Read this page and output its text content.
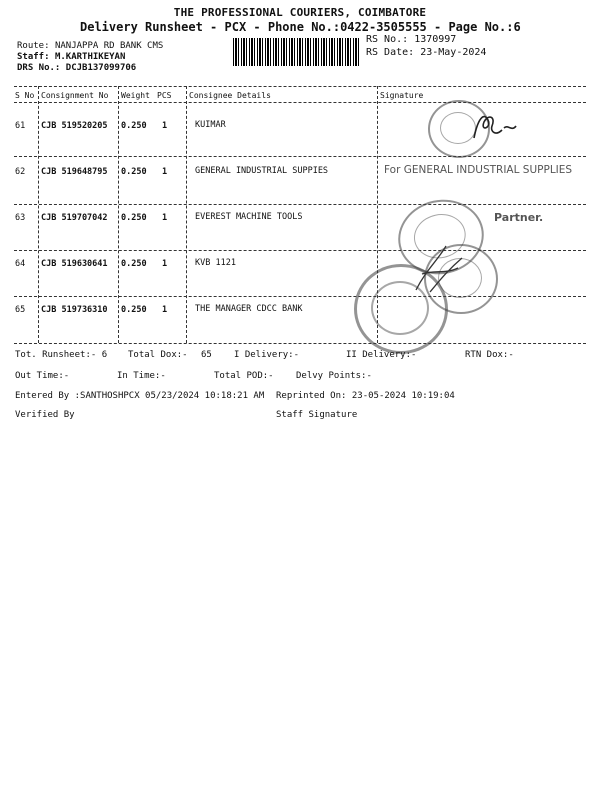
THE PROFESSIONAL COURIERS, COIMBATORE
Delivery Runsheet - PCX - Phone No.:0422-3505555 - Page No.:6
Route: NANJAPPA RD BANK CMS
Staff: M.KARTHIKEYAN
DRS No.: DCJB137099706
RS No.: 1370997
RS Date: 23-May-2024
S No Consignment No Weight PCS Consignee Details	Signature
61 CJB 519520205 0.250 1	KUIMAR
62 CJB 519648795 0.250 1	GENERAL INDUSTRIAL SUPPIES
63 CJB 519707042 0.250 1	EVEREST MACHINE TOOLS
64 CJB 519630641 0.250 1	KVB 1121
65 CJB 519736310 0.250 1	THE MANAGER CDCC BANK
For GENERAL INDUSTRIAL SUPPLIES
Partner.
Tot. Runsheet:- 6 Total Dox:- 65 I Delivery:-	II Delivery:-	RTN Dox:-
Out Time:-	In Time:-	Total POD:- Delvy Points:-
Entered By :SANTHOSHPCX 05/23/2024 10:18:21 AM Reprinted On: 23-05-2024 10:19:04
Verified By	Staff Signature
